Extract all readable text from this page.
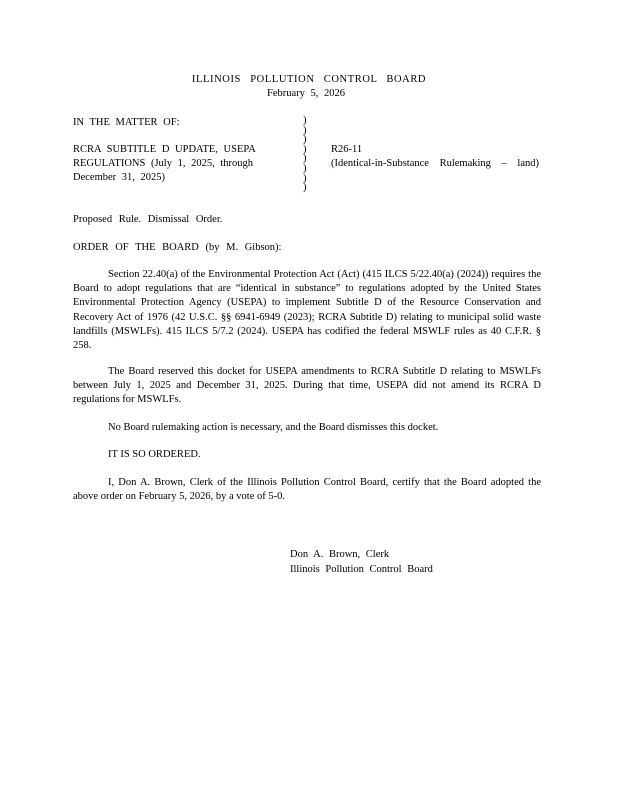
ILLINOIS POLLUTION CONTROL BOARD
February 5, 2026
IN THE MATTER OF:
RCRA SUBTITLE D UPDATE, USEPA
REGULATIONS (July 1, 2025, through
December 31, 2025)
)
)
)
)
)
)
)
)
R26-11
(Identical-in-Substance Rulemaking – land)
Proposed Rule. Dismissal Order.
ORDER OF THE BOARD (by M. Gibson):
Section 22.40(a) of the Environmental Protection Act (Act) (415 ILCS 5/22.40(a) (2024)) requires the Board to adopt regulations that are “identical in substance” to regulations adopted by the United States Environmental Protection Agency (USEPA) to implement Subtitle D of the Resource Conservation and Recovery Act of 1976 (42 U.S.C. §§ 6941-6949 (2023); RCRA Subtitle D) relating to municipal solid waste landfills (MSWLFs). 415 ILCS 5/7.2 (2024). USEPA has codified the federal MSWLF rules as 40 C.F.R. § 258.
The Board reserved this docket for USEPA amendments to RCRA Subtitle D relating to MSWLFs between July 1, 2025 and December 31, 2025. During that time, USEPA did not amend its RCRA D regulations for MSWLFs.
No Board rulemaking action is necessary, and the Board dismisses this docket.
IT IS SO ORDERED.
I, Don A. Brown, Clerk of the Illinois Pollution Control Board, certify that the Board adopted the above order on February 5, 2026, by a vote of 5-0.
Don A. Brown, Clerk
Illinois Pollution Control Board
